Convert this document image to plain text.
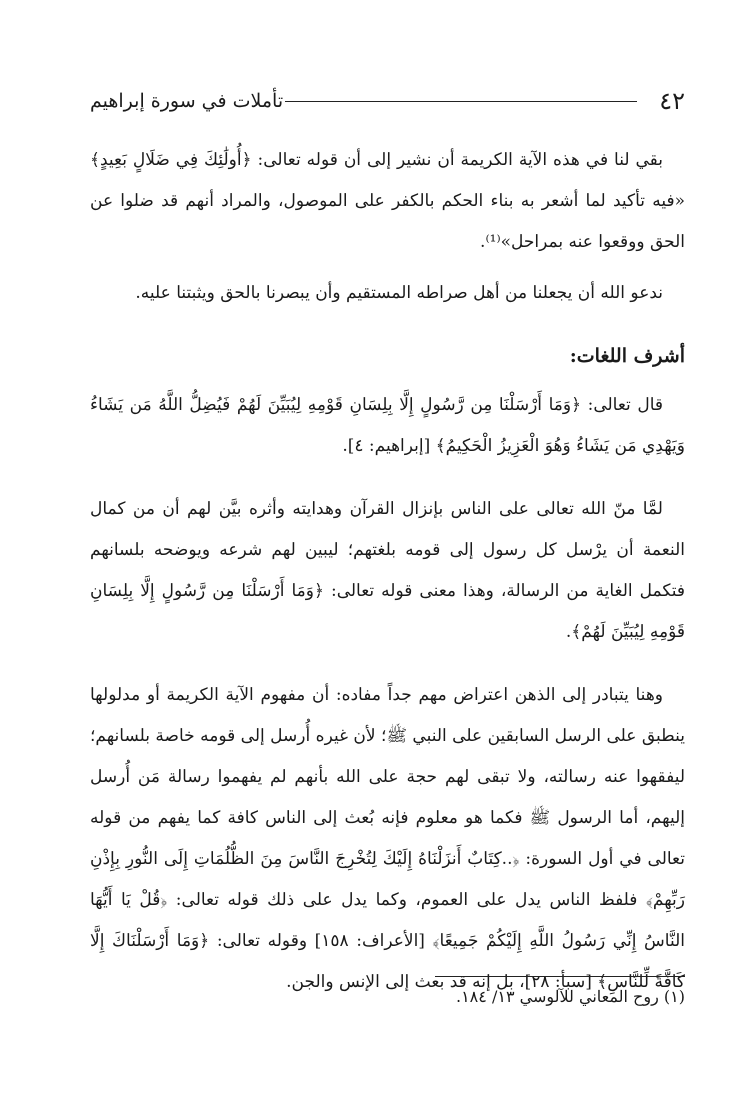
٤٢
تأملات في سورة إبراهيم

بقي لنا في هذه الآية الكريمة أن نشير إلى أن قوله تعالى: ﴿أُولَٰئِكَ فِي ضَلَالٍ بَعِيدٍ﴾ «فيه تأكيد لما أشعر به بناء الحكم بالكفر على الموصول، والمراد أنهم قد ضلوا عن الحق ووقعوا عنه بمراحل»⁽¹⁾.

ندعو الله أن يجعلنا من أهل صراطه المستقيم وأن يبصرنا بالحق ويثبتنا عليه.

أشرف اللغات:

قال تعالى: ﴿وَمَا أَرْسَلْنَا مِن رَّسُولٍ إِلَّا بِلِسَانِ قَوْمِهِ لِيُبَيِّنَ لَهُمْ فَيُضِلُّ اللَّهُ مَن يَشَاءُ وَيَهْدِي مَن يَشَاءُ وَهُوَ الْعَزِيزُ الْحَكِيمُ﴾ [إبراهيم: ٤].

لمَّا منّ الله تعالى على الناس بإنزال القرآن وهدايته وأثره بيَّن لهم أن من كمال النعمة أن يرْسل كل رسول إلى قومه بلغتهم؛ ليبين لهم شرعه ويوضحه بلسانهم فتكمل الغاية من الرسالة، وهذا معنى قوله تعالى: ﴿وَمَا أَرْسَلْنَا مِن رَّسُولٍ إِلَّا بِلِسَانِ قَوْمِهِ لِيُبَيِّنَ لَهُمْ﴾.

وهنا يتبادر إلى الذهن اعتراض مهم جداً مفاده: أن مفهوم الآية الكريمة أو مدلولها ينطبق على الرسل السابقين على النبي ﷺ؛ لأن غيره أُرسل إلى قومه خاصة بلسانهم؛ ليفقهوا عنه رسالته، ولا تبقى لهم حجة على الله بأنهم لم يفهموا رسالة مَن أُرسل إليهم، أما الرسول ﷺ فكما هو معلوم فإنه بُعث إلى الناس كافة كما يفهم من قوله تعالى في أول السورة: ﴿..كِتَابٌ أَنزَلْنَاهُ إِلَيْكَ لِتُخْرِجَ النَّاسَ مِنَ الظُّلُمَاتِ إِلَى النُّورِ بِإِذْنِ رَبِّهِمْ﴾ فلفظ الناس يدل على العموم، وكما يدل على ذلك قوله تعالى: ﴿قُلْ يَا أَيُّهَا النَّاسُ إِنِّي رَسُولُ اللَّهِ إِلَيْكُمْ جَمِيعًا﴾ [الأعراف: ١٥٨] وقوله تعالى: ﴿وَمَا أَرْسَلْنَاكَ إِلَّا كَافَّةً لِّلنَّاسِ﴾ [سبأ: ٢٨]، بل إنه قد بعث إلى الإنس والجن.

(١) روح المعاني للآلوسي ١٣/ ١٨٤.
